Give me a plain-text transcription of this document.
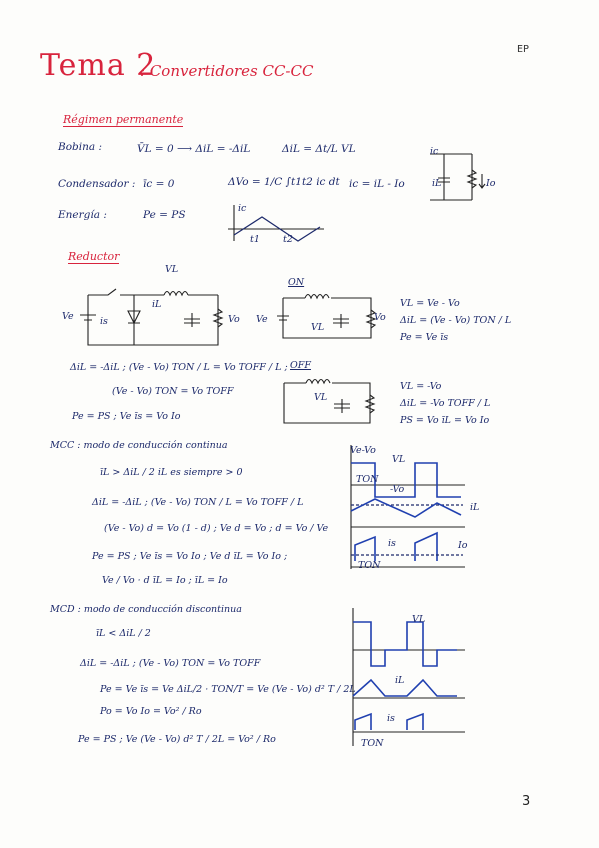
EP
3
Tema 2
: Convertidores CC-CC
Régimen permanente
Bobina :	V̄L = 0 ⟶ ΔiL = -ΔiL	ΔiL = Δt/L VL
Condensador : īc = 0	ΔVo = 1/C ∫t1t2 ic dt ic = iL - Io
Energía :	Pe = PS
ic
iL	Io
ic
t1 t2
Reductor
Ve	is
VL
iL
Vo
ON
Ve
VL
Vo
VL = Ve - Vo
ΔiL = (Ve - Vo) TON / L
Pe = Ve īs
OFF
VL
VL = -Vo
ΔiL = -Vo TOFF / L
PS = Vo īL = Vo Io
ΔiL = -ΔiL ; (Ve - Vo) TON / L = Vo TOFF / L ;
(Ve - Vo) TON = Vo TOFF
Pe = PS ; Ve īs = Vo Io
MCC : modo de conducción continua
īL > ΔiL / 2 iL es siempre > 0
ΔiL = -ΔiL ; (Ve - Vo) TON / L = Vo TOFF / L
(Ve - Vo) d = Vo (1 - d) ; Ve d = Vo ; d = Vo / Ve
Pe = PS ; Ve īs = Vo Io ; Ve d īL = Vo Io ;
Ve / Vo · d īL = Io ; īL = Io
Ve-Vo
VL
TON
-Vo
iL
is	Io
TON
MCD : modo de conducción discontinua
īL < ΔiL / 2
ΔiL = -ΔiL ; (Ve - Vo) TON = Vo TOFF
Pe = Ve īs = Ve ΔiL/2 · TON/T = Ve (Ve - Vo) d² T / 2L
Po = Vo Io = Vo² / Ro
Pe = PS ; Ve (Ve - Vo) d² T / 2L = Vo² / Ro
VL
iL
is
TON
